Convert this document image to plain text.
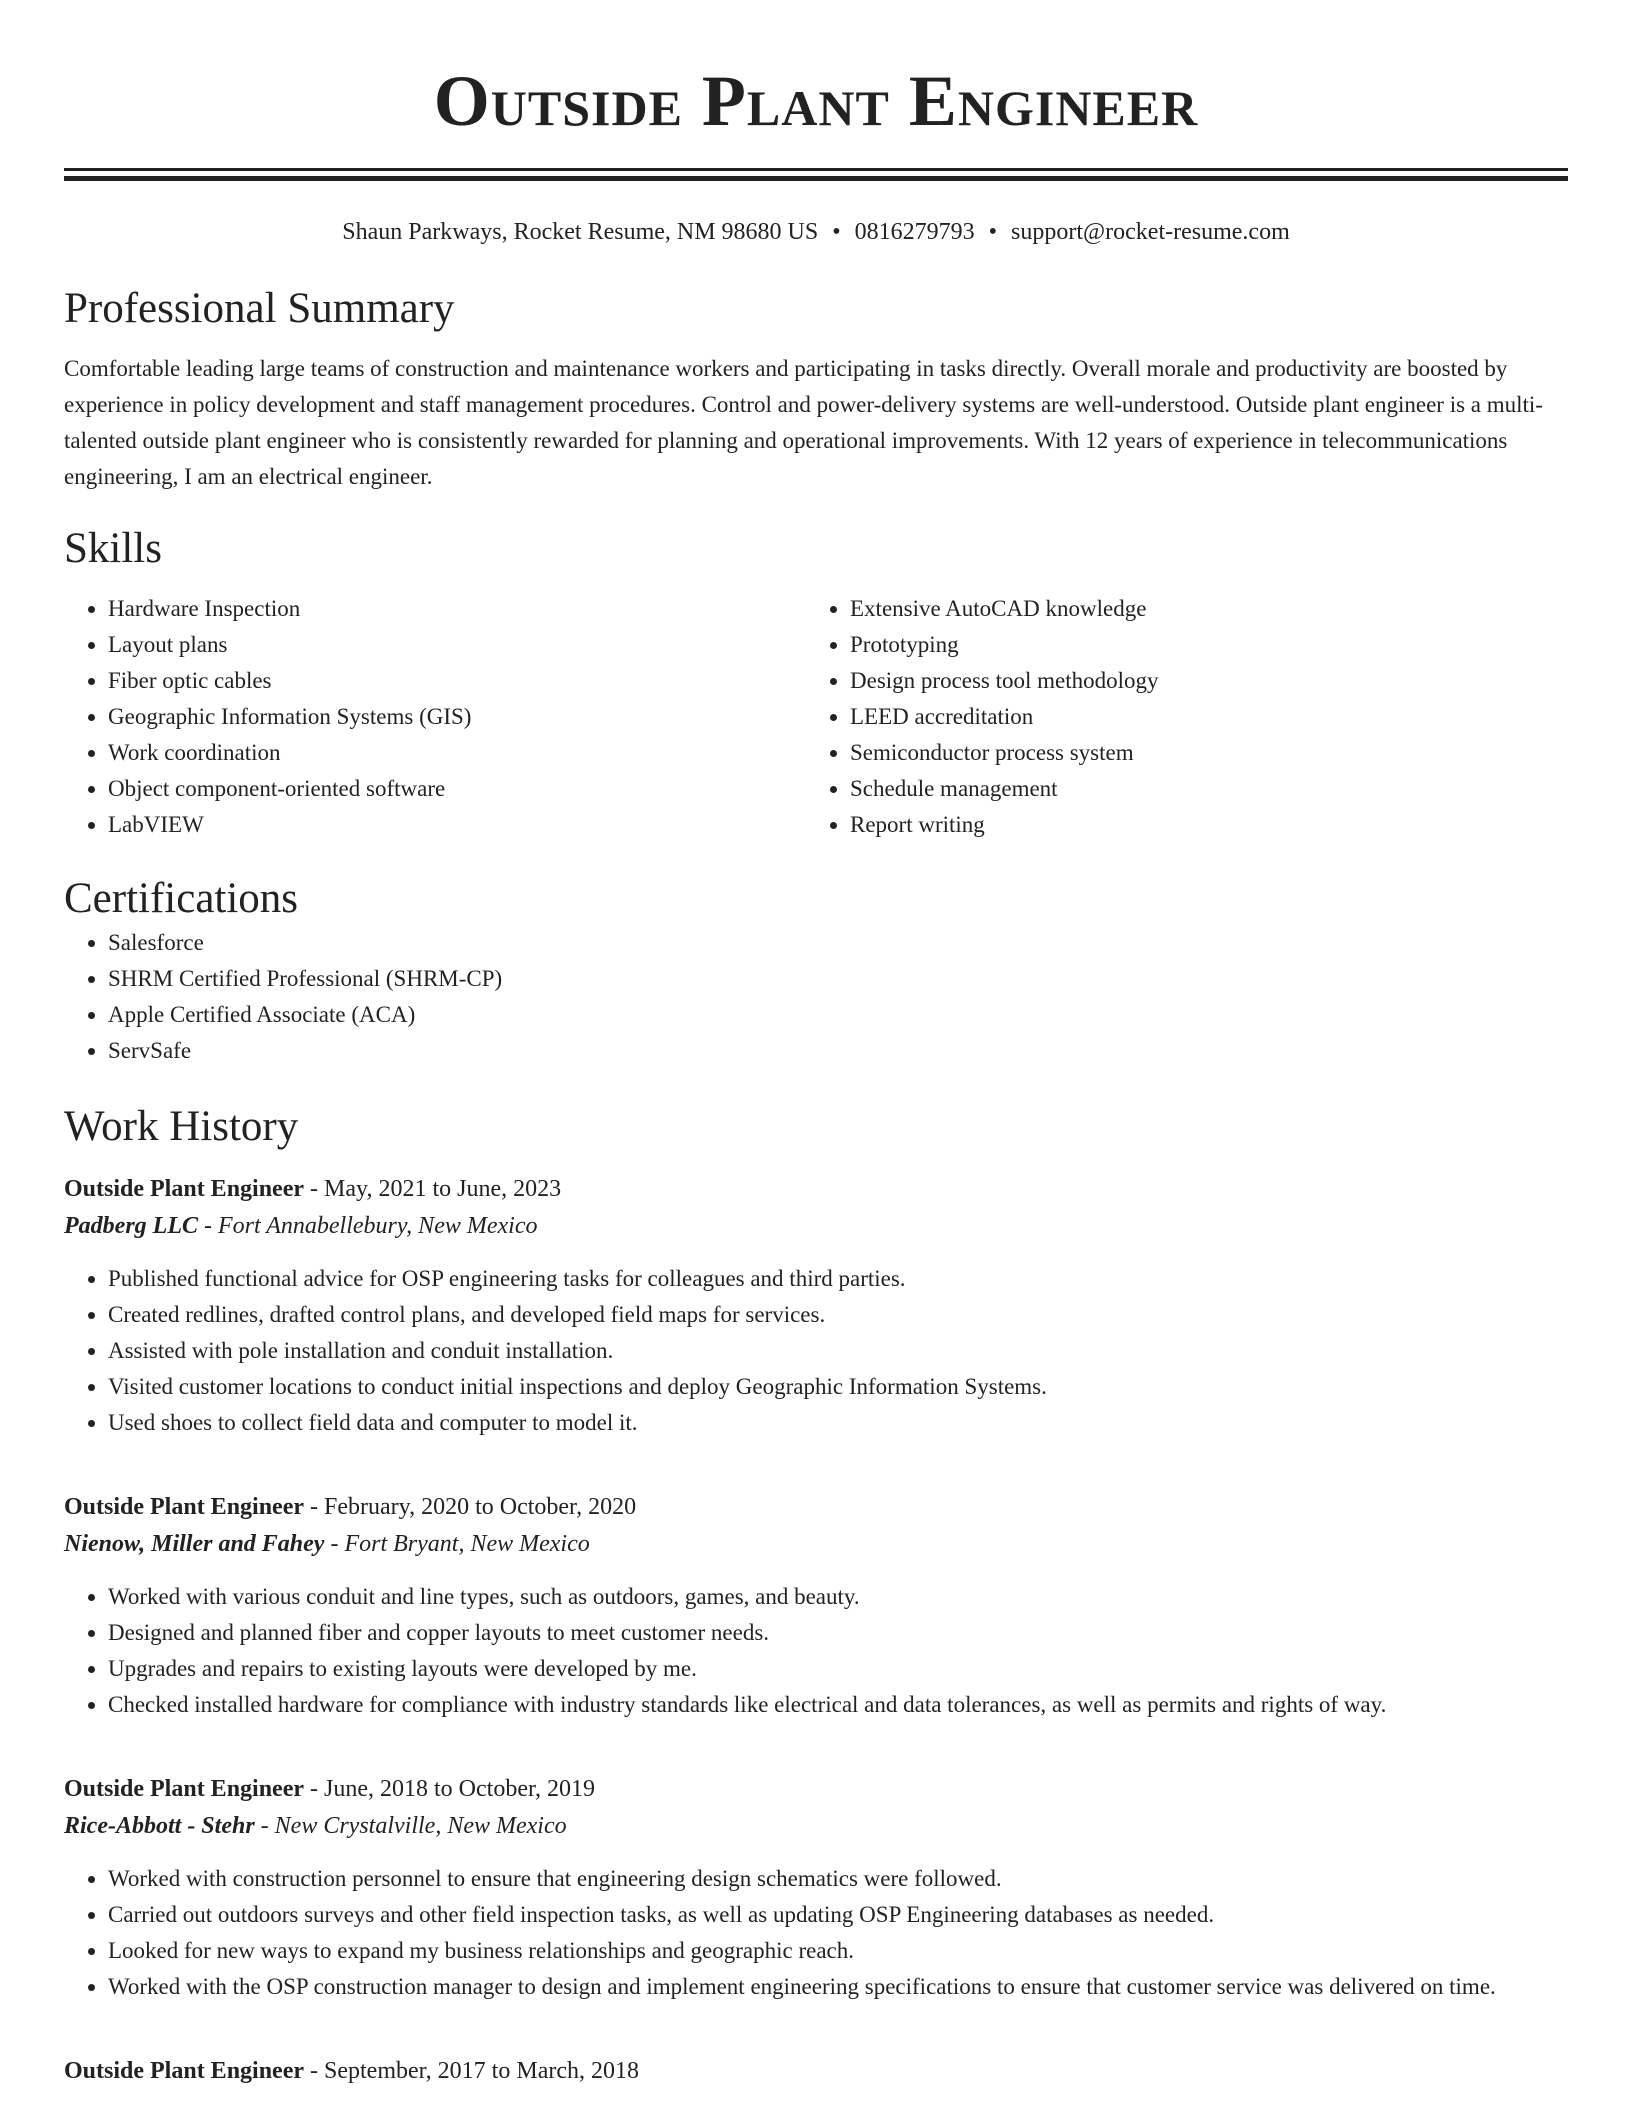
Outside Plant Engineer
Shaun Parkways, Rocket Resume, NM 98680 US • 0816279793 • support@rocket-resume.com
Professional Summary
Comfortable leading large teams of construction and maintenance workers and participating in tasks directly. Overall morale and productivity are boosted by experience in policy development and staff management procedures. Control and power-delivery systems are well-understood. Outside plant engineer is a multi-talented outside plant engineer who is consistently rewarded for planning and operational improvements. With 12 years of experience in telecommunications engineering, I am an electrical engineer.
Skills
• Hardware Inspection
• Layout plans
• Fiber optic cables
• Geographic Information Systems (GIS)
• Work coordination
• Object component-oriented software
• LabVIEW
• Extensive AutoCAD knowledge
• Prototyping
• Design process tool methodology
• LEED accreditation
• Semiconductor process system
• Schedule management
• Report writing
Certifications
• Salesforce
• SHRM Certified Professional (SHRM-CP)
• Apple Certified Associate (ACA)
• ServSafe
Work History
Outside Plant Engineer - May, 2021 to June, 2023
Padberg LLC - Fort Annabellebury, New Mexico
• Published functional advice for OSP engineering tasks for colleagues and third parties.
• Created redlines, drafted control plans, and developed field maps for services.
• Assisted with pole installation and conduit installation.
• Visited customer locations to conduct initial inspections and deploy Geographic Information Systems.
• Used shoes to collect field data and computer to model it.
Outside Plant Engineer - February, 2020 to October, 2020
Nienow, Miller and Fahey - Fort Bryant, New Mexico
• Worked with various conduit and line types, such as outdoors, games, and beauty.
• Designed and planned fiber and copper layouts to meet customer needs.
• Upgrades and repairs to existing layouts were developed by me.
• Checked installed hardware for compliance with industry standards like electrical and data tolerances, as well as permits and rights of way.
Outside Plant Engineer - June, 2018 to October, 2019
Rice-Abbott - Stehr - New Crystalville, New Mexico
• Worked with construction personnel to ensure that engineering design schematics were followed.
• Carried out outdoors surveys and other field inspection tasks, as well as updating OSP Engineering databases as needed.
• Looked for new ways to expand my business relationships and geographic reach.
• Worked with the OSP construction manager to design and implement engineering specifications to ensure that customer service was delivered on time.
Outside Plant Engineer - September, 2017 to March, 2018
